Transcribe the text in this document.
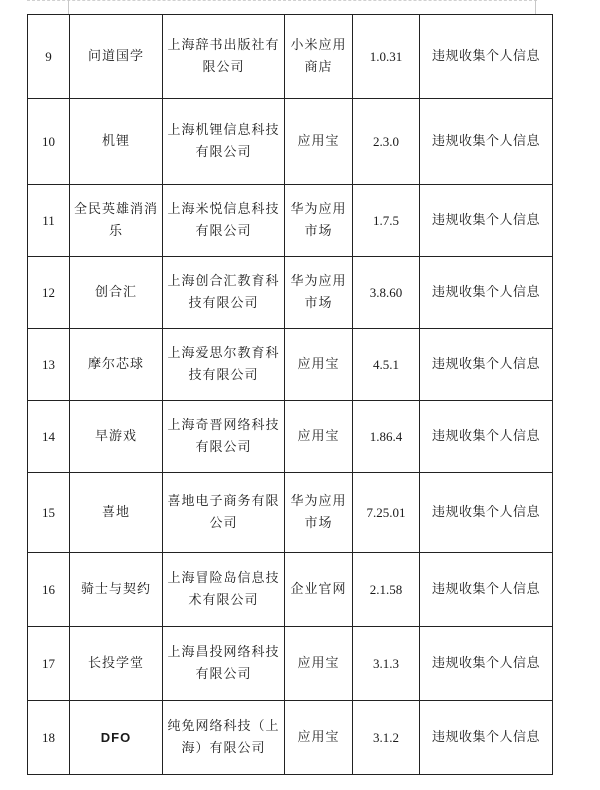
9	问道国学	上海辞书出版社有限公司	小米应用商店	1.0.31	违规收集个人信息
10	机锂	上海机锂信息科技有限公司	应用宝	2.3.0	违规收集个人信息
11	全民英雄消消乐	上海米悦信息科技有限公司	华为应用市场	1.7.5	违规收集个人信息
12	创合汇	上海创合汇教育科技有限公司	华为应用市场	3.8.60	违规收集个人信息
13	摩尔芯球	上海爱思尔教育科技有限公司	应用宝	4.5.1	违规收集个人信息
14	早游戏	上海奇晋网络科技有限公司	应用宝	1.86.4	违规收集个人信息
15	喜地	喜地电子商务有限公司	华为应用市场	7.25.01	违规收集个人信息
16	骑士与契约	上海冒险岛信息技术有限公司	企业官网	2.1.58	违规收集个人信息
17	长投学堂	上海昌投网络科技有限公司	应用宝	3.1.3	违规收集个人信息
18	DFO	纯免网络科技（上海）有限公司	应用宝	3.1.2	违规收集个人信息
